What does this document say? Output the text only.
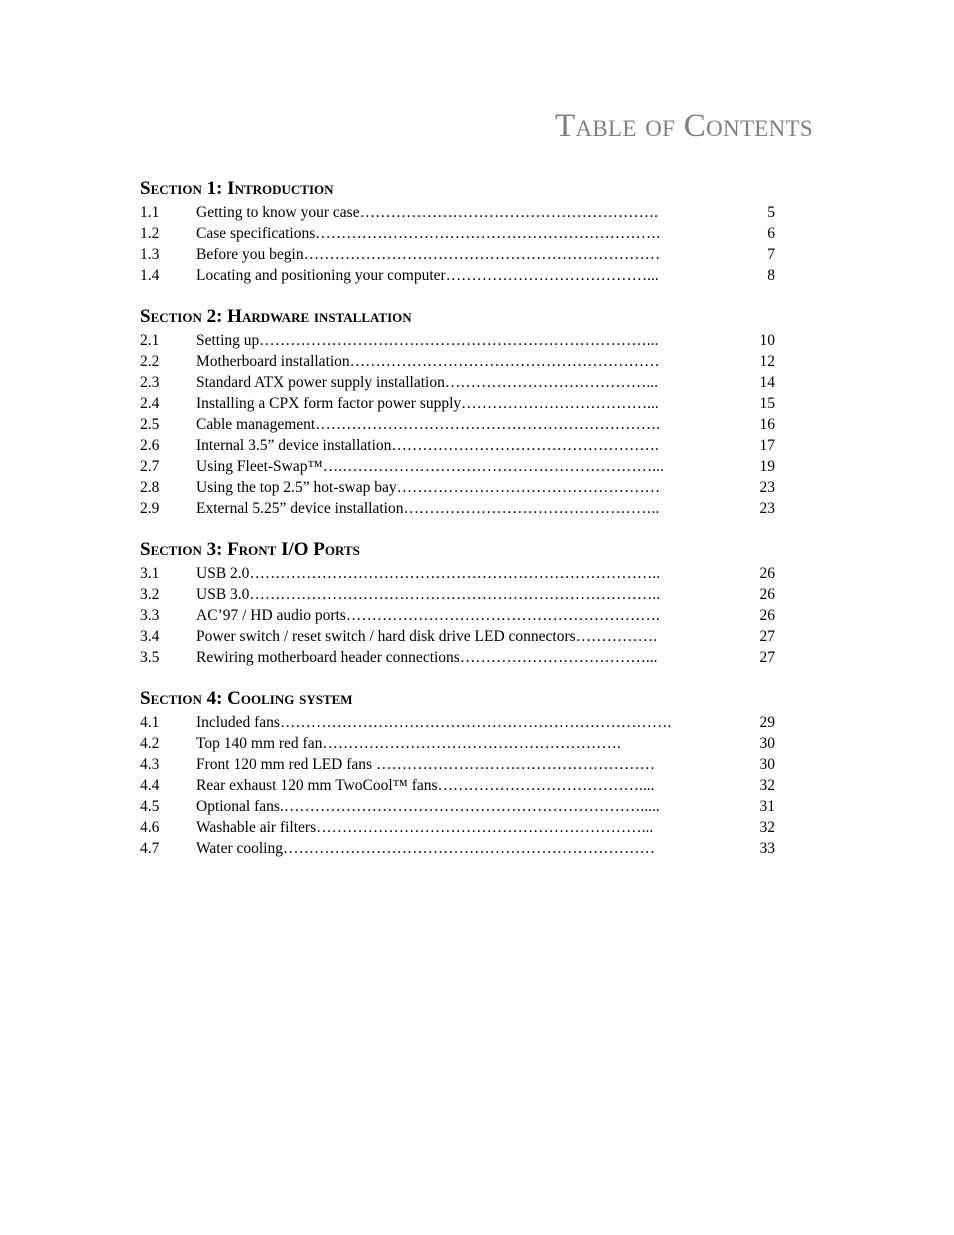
Table of Contents
Section 1: Introduction
1.1 Getting to know your case………………………………………………….	5
1.2 Case specifications………………………………………………………….	6
1.3 Before you begin……………………………………………………………	7
1.4 Locating and positioning your computer…………………………………...	8
Section 2: Hardware installation
2.1 Setting up…………………………………………………………………...	10
2.2 Motherboard installation……………………………………………………	12
2.3 Standard ATX power supply installation…………………………………...	14
2.4 Installing a CPX form factor power supply………………………………...	15
2.5 Cable management………………………………………………………….	16
2.6 Internal 3.5” device installation…………………………………………….	17
2.7 Using Fleet-Swap™….……………………………………………………...	19
2.8 Using the top 2.5” hot-swap bay……………………………………………	23
2.9 External 5.25” device installation…………………………………………..	23
Section 3: Front I/O Ports
3.1 USB 2.0……………………………………………………………………..	26
3.2 USB 3.0……………………………………………………………………..	26
3.3 AC’97 / HD audio ports…………………………………………………….	26
3.4 Power switch / reset switch / hard disk drive LED connectors…………….	27
3.5 Rewiring motherboard header connections………………………………...	27
Section 4: Cooling system
4.1 Included fans………………………………………………………………….	29
4.2 Top 140 mm red fan………………………………………………….	30
4.3 Front 120 mm red LED fans ………………………………………………	30
4.4 Rear exhaust 120 mm TwoCool™ fans…………………………………....	32
4.5 Optional fans.…………………………………………………………….....	31
4.6 Washable air filters………………………………………………………...	32
4.7 Water cooling………………………………………………………………	33
